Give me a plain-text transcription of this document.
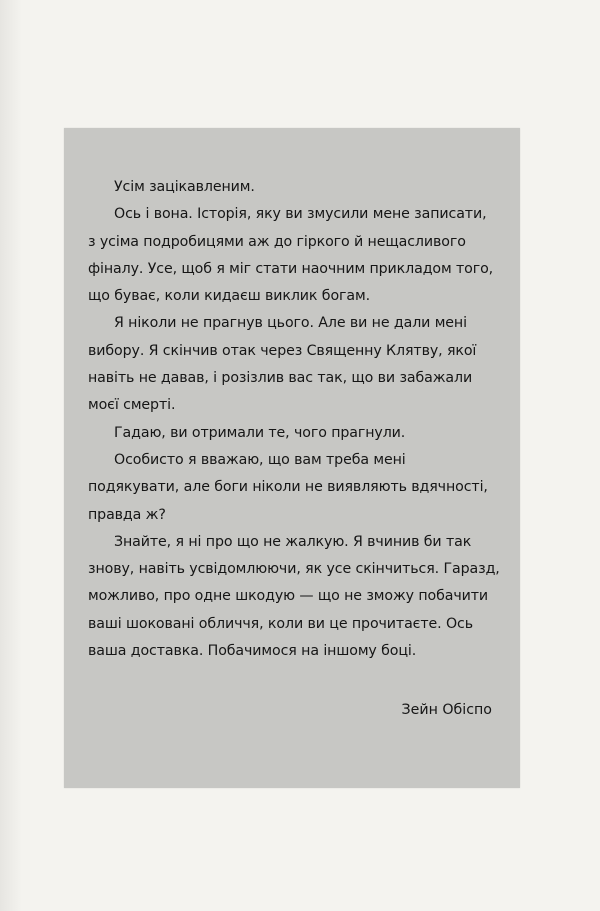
Усім зацікавленим.
Ось і вона. Історія, яку ви змусили мене записати,
з усіма подробицями аж до гіркого й нещасливого
фіналу. Усе, щоб я міг стати наочним прикладом того,
що буває, коли кидаєш виклик богам.
Я ніколи не прагнув цього. Але ви не дали мені
вибору. Я скінчив отак через Священну Клятву, якої
навіть не давав, і розізлив вас так, що ви забажали
моєї смерті.
Гадаю, ви отримали те, чого прагнули.
Особисто я вважаю, що вам треба мені
подякувати, але боги ніколи не виявляють вдячності,
правда ж?
Знайте, я ні про що не жалкую. Я вчинив би так
знову, навіть усвідомлюючи, як усе скінчиться. Гаразд,
можливо, про одне шкодую — що не зможу побачити
ваші шоковані обличчя, коли ви це прочитаєте. Ось
ваша доставка. Побачимося на іншому боці.
Зейн Обіспо
